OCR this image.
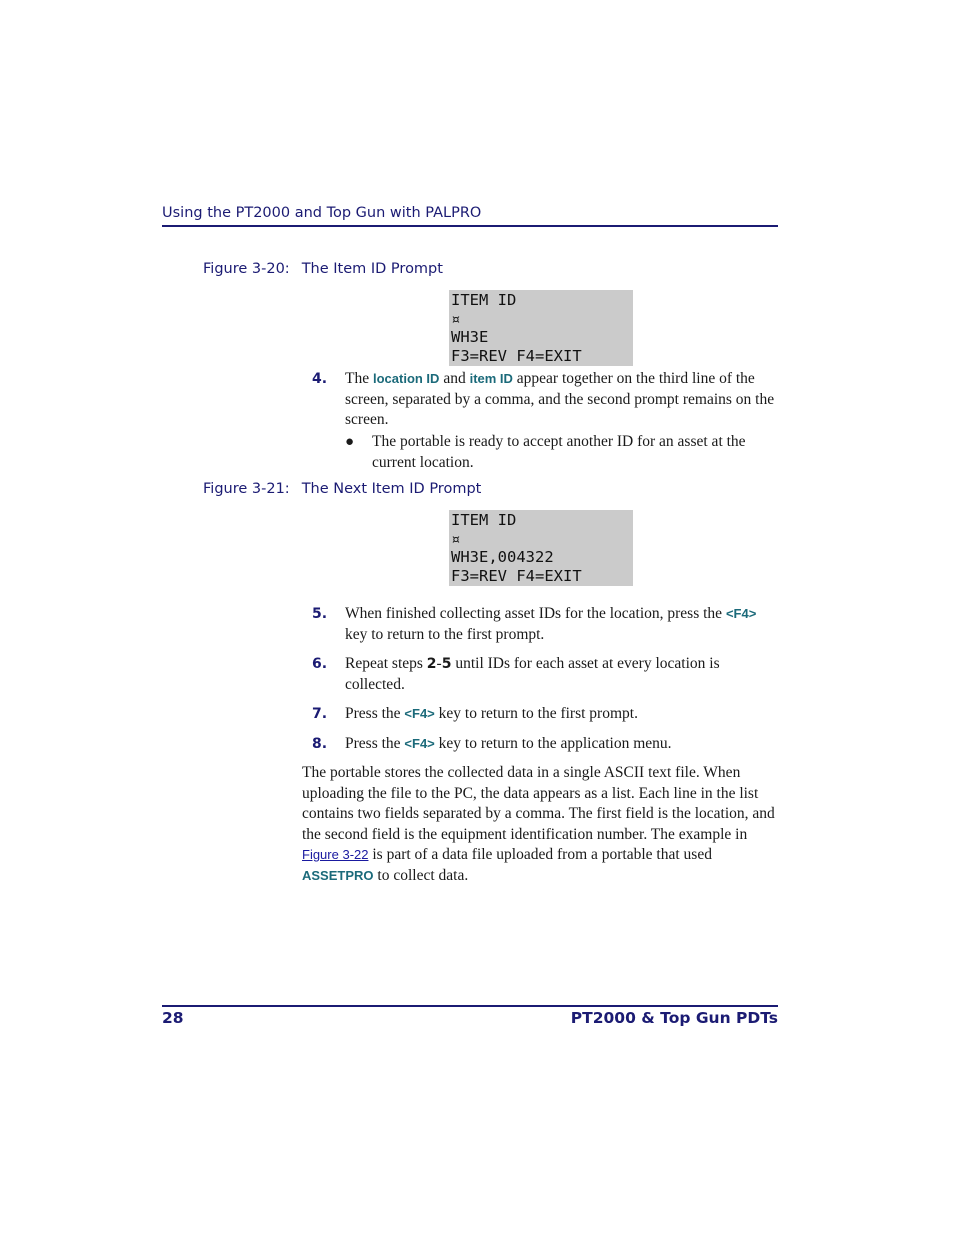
Using the PT2000 and Top Gun with PALPRO
Figure 3-20: The Item ID Prompt
ITEM ID
¤
WH3E
F3=REV F4=EXIT
4. The location ID and item ID appear together on the third line of the screen, separated by a comma, and the second prompt remains on the screen.
● The portable is ready to accept another ID for an asset at the current location.
Figure 3-21: The Next Item ID Prompt
ITEM ID
¤
WH3E,004322
F3=REV F4=EXIT
5. When finished collecting asset IDs for the location, press the <F4> key to return to the first prompt.
6. Repeat steps 2-5 until IDs for each asset at every location is collected.
7. Press the <F4> key to return to the first prompt.
8. Press the <F4> key to return to the application menu.
The portable stores the collected data in a single ASCII text file. When uploading the file to the PC, the data appears as a list. Each line in the list contains two fields separated by a comma. The first field is the location, and the second field is the equipment identification number. The example in Figure 3-22 is part of a data file uploaded from a portable that used ASSETPRO to collect data.
28	PT2000 & Top Gun PDTs
